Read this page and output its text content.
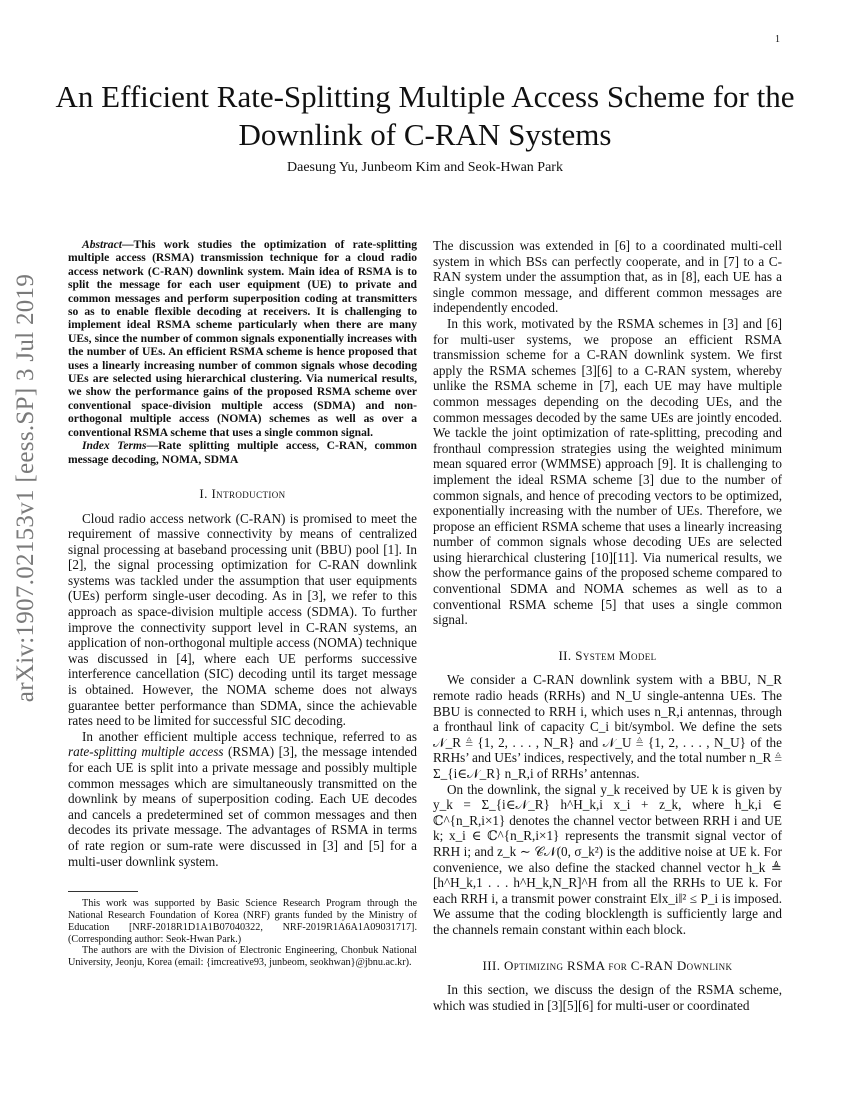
1
arXiv:1907.02153v1 [eess.SP] 3 Jul 2019
An Efficient Rate-Splitting Multiple Access Scheme for the Downlink of C-RAN Systems
Daesung Yu, Junbeom Kim and Seok-Hwan Park

Abstract—This work studies the optimization of rate-splitting multiple access (RSMA) transmission technique for a cloud radio access network (C-RAN) downlink system. Main idea of RSMA is to split the message for each user equipment (UE) to private and common messages and perform superposition coding at transmitters so as to enable flexible decoding at receivers. It is challenging to implement ideal RSMA scheme particularly when there are many UEs, since the number of common signals exponentially increases with the number of UEs. An efficient RSMA scheme is hence proposed that uses a linearly increasing number of common signals whose decoding UEs are selected using hierarchical clustering. Via numerical results, we show the performance gains of the proposed RSMA scheme over conventional space-division multiple access (SDMA) and non-orthogonal multiple access (NOMA) schemes as well as over a conventional RSMA scheme that uses a single common signal.

Index Terms—Rate splitting multiple access, C-RAN, common message decoding, NOMA, SDMA

I. Introduction

Cloud radio access network (C-RAN) is promised to meet the requirement of massive connectivity by means of centralized signal processing at baseband processing unit (BBU) pool [1]. In [2], the signal processing optimization for C-RAN downlink systems was tackled under the assumption that user equipments (UEs) perform single-user decoding. As in [3], we refer to this approach as space-division multiple access (SDMA). To further improve the connectivity support level in C-RAN systems, an application of non-orthogonal multiple access (NOMA) technique was discussed in [4], where each UE performs successive interference cancellation (SIC) decoding until its target message is obtained. However, the NOMA scheme does not always guarantee better performance than SDMA, since the achievable rates need to be limited for successful SIC decoding.

In another efficient multiple access technique, referred to as rate-splitting multiple access (RSMA) [3], the message intended for each UE is split into a private message and possibly multiple common messages which are simultaneously transmitted on the downlink by means of superposition coding. Each UE decodes and cancels a predetermined set of common messages and then decodes its private message. The advantages of RSMA in terms of rate region or sum-rate were discussed in [3] and [5] for a multi-user downlink system.

This work was supported by Basic Science Research Program through the National Research Foundation of Korea (NRF) grants funded by the Ministry of Education [NRF-2018R1D1A1B07040322, NRF-2019R1A6A1A09031717]. (Corresponding author: Seok-Hwan Park.)

The authors are with the Division of Electronic Engineering, Chonbuk National University, Jeonju, Korea (email: {imcreative93, junbeom, seokhwan}@jbnu.ac.kr).

The discussion was extended in [6] to a coordinated multi-cell system in which BSs can perfectly cooperate, and in [7] to a C-RAN system under the assumption that, as in [8], each UE has a single common message, and different common messages are independently encoded.

In this work, motivated by the RSMA schemes in [3] and [6] for multi-user systems, we propose an efficient RSMA transmission scheme for a C-RAN downlink system. We first apply the RSMA schemes [3][6] to a C-RAN system, whereby unlike the RSMA scheme in [7], each UE may have multiple common messages depending on the decoding UEs, and the common messages decoded by the same UEs are jointly encoded. We tackle the joint optimization of rate-splitting, precoding and fronthaul compression strategies using the weighted minimum mean squared error (WMMSE) approach [9]. It is challenging to implement the ideal RSMA scheme [3] due to the number of common signals, and hence of precoding vectors to be optimized, exponentially increasing with the number of UEs. Therefore, we propose an efficient RSMA scheme that uses a linearly increasing number of common signals whose decoding UEs are selected using hierarchical clustering [10][11]. Via numerical results, we show the performance gains of the proposed scheme compared to conventional SDMA and NOMA schemes as well as to a conventional RSMA scheme [5] that uses a single common signal.

II. System Model

We consider a C-RAN downlink system with a BBU, N_R remote radio heads (RRHs) and N_U single-antenna UEs. The BBU is connected to RRH i, which uses n_R,i antennas, through a fronthaul link of capacity C_i bit/symbol. We define the sets 𝒩_R ≜ {1, 2, . . . , N_R} and 𝒩_U ≜ {1, 2, . . . , N_U} of the RRHs’ and UEs’ indices, respectively, and the total number n_R ≜ Σ_{i∈𝒩_R} n_R,i of RRHs’ antennas.

On the downlink, the signal y_k received by UE k is given by y_k = Σ_{i∈𝒩_R} h^H_k,i x_i + z_k, where h_k,i ∈ ℂ^{n_R,i×1} denotes the channel vector between RRH i and UE k; x_i ∈ ℂ^{n_R,i×1} represents the transmit signal vector of RRH i; and z_k ∼ 𝒞𝒩(0, σ_k²) is the additive noise at UE k. For convenience, we also define the stacked channel vector h_k ≜ [h^H_k,1 . . . h^H_k,N_R]^H from all the RRHs to UE k. For each RRH i, a transmit power constraint E‖x_i‖² ≤ P_i is imposed. We assume that the coding blocklength is sufficiently large and the channels remain constant within each block.

III. Optimizing RSMA for C-RAN Downlink

In this section, we discuss the design of the RSMA scheme, which was studied in [3][5][6] for multi-user or coordinated
